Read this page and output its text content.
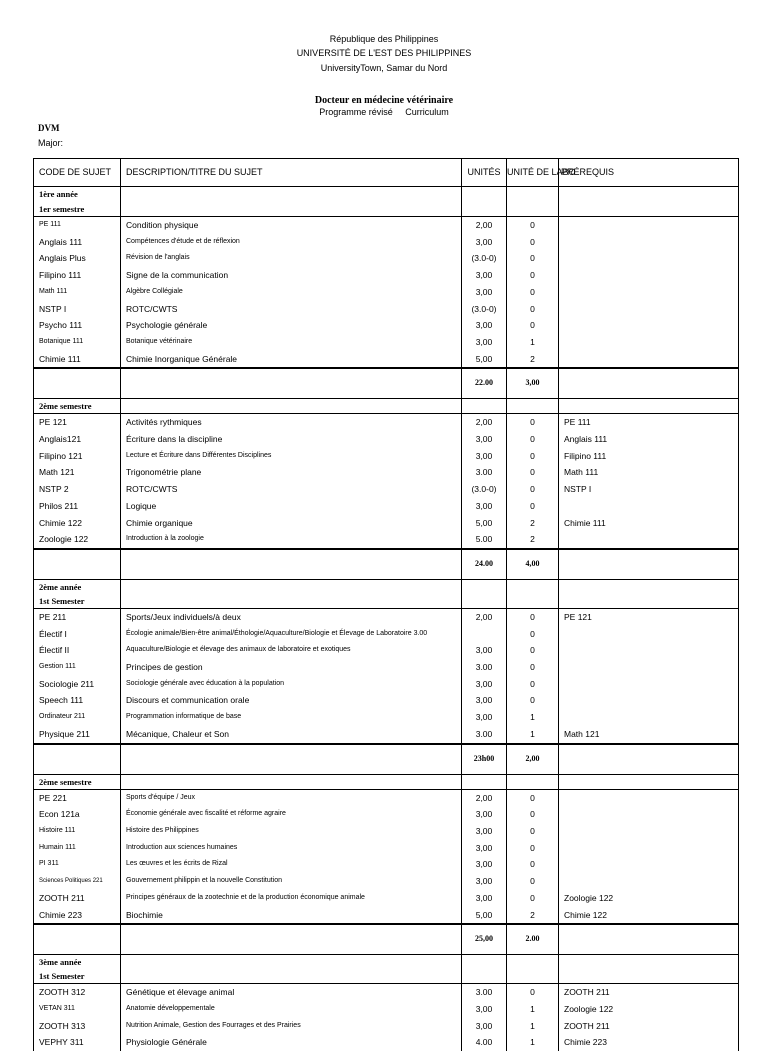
République des Philippines
UNIVERSITÉ DE L'EST DES PHILIPPINES
UniversityTown, Samar du Nord
Docteur en médecine vétérinaire
Programme révisé     Curriculum
DVM
Major:
CODE DE SUJET	DESCRIPTION/TITRE DU SUJET	UNITÉS	UNITÉ DE LABO	PRÉREQUIS
1ère année				
1er semestre				
PE 111	Condition physique	2,00	0	
Anglais 111	Compétences d'étude et de réflexion	3,00	0	
Anglais Plus	Révision de l'anglais	(3.0-0)	0	
Filipino 111	Signe de la communication	3,00	0	
Math 111	Algèbre Collégiale	3,00	0	
NSTP I	ROTC/CWTS	(3.0-0)	0	
Psycho 111	Psychologie générale	3,00	0	
Botanique 111	Botanique vétérinaire	3,00	1	
Chimie 111	Chimie Inorganique Générale	5,00	2	
		22.00	3,00	
2ème semestre				
PE 121	Activités rythmiques	2,00	0	PE 111
Anglais121	Écriture dans la discipline	3,00	0	Anglais 111
Filipino 121	Lecture et Écriture dans Différentes Disciplines	3,00	0	Filipino 111
Math 121	Trigonométrie plane	3.00	0	Math 111
NSTP 2	ROTC/CWTS	(3.0-0)	0	NSTP I
Philos 211	Logique	3,00	0	
Chimie 122	Chimie organique	5,00	2	Chimie 111
Zoologie 122	Introduction à la zoologie	5.00	2	
		24.00	4,00	
2ème année				
1st Semester				
PE 211	Sports/Jeux individuels/à deux	2,00	0	PE 121
Électif I	Écologie animale/Bien-être animal/Éthologie/Aquaculture/Biologie et Élevage de Laboratoire 3.00		0	
Électif II	Aquaculture/Biologie et élevage des animaux de laboratoire et exotiques	3,00	0	
Gestion 111	Principes de gestion	3.00	0	
Sociologie 211	Sociologie générale avec éducation à la population	3,00	0	
Speech 111	Discours et communication orale	3,00	0	
Ordinateur 211	Programmation informatique de base	3,00	1	
Physique 211	Mécanique, Chaleur et Son	3.00	1	Math 121
		23h00	2,00	
2ème semestre				
PE 221	Sports d'équipe / Jeux	2,00	0	
Econ 121a	Économie générale avec fiscalité et réforme agraire	3,00	0	
Histoire 111	Histoire des Philippines	3,00	0	
Humain 111	Introduction aux sciences humaines	3,00	0	
PI 311	Les œuvres et les écrits de Rizal	3,00	0	
Sciences Politiques 221	Gouvernement philippin et la nouvelle Constitution	3,00	0	
ZOOTH 211	Principes généraux de la zootechnie et de la production économique animale	3,00	0	Zoologie 122
Chimie 223	Biochimie	5,00	2	Chimie 122
		25,00	2.00	
3ème année				
1st Semester				
ZOOTH 312	Génétique et élevage animal	3.00	0	ZOOTH 211
VETAN 311	Anatomie développementale	3,00	1	Zoologie 122
ZOOTH 313	Nutrition Animale, Gestion des Fourrages et des Prairies	3,00	1	ZOOTH 211
VEPHY 311	Physiologie Générale	4.00	1	Chimie 223
